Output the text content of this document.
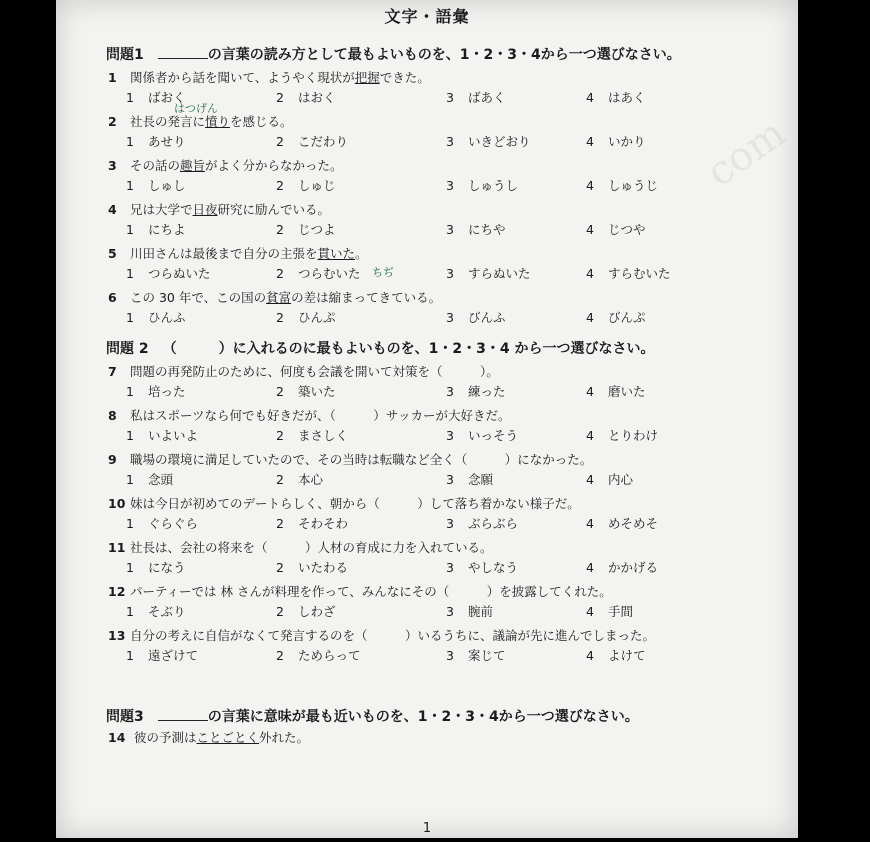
文字・語彙
com
問題1	の言葉の読み方として最もよいものを、1・2・3・4から一つ選びなさい。
1 関係者から話を聞いて、ようやく現状が把握できた。
1 ばおく	2 はおく	3 ばあく	4 はあく
2 社長の発言に憤りを感じる。
1 あせり	2 こだわり	3 いきどおり	4 いかり
3 その話の趣旨がよく分からなかった。
1 しゅし	2 しゅじ	3 しゅうし	4 しゅうじ
4 兄は大学で日夜研究に励んでいる。
1 にちよ	2 じつよ	3 にちや	4 じつや
5 川田さんは最後まで自分の主張を貫いた。
1 つらぬいた	2 つらむいた	3 すらぬいた	4 すらむいた
6 この 30 年で、この国の貧富の差は縮まってきている。
1 ひんふ	2 ひんぷ	3 びんふ	4 びんぷ
はつげん
ちぢ
問題 2 （　　　）に入れるのに最もよいものを、1・2・3・4 から一つ選びなさい。
7 問題の再発防止のために、何度も会議を開いて対策を（　　　）。
1 培った	2 築いた	3 練った	4 磨いた
8 私はスポーツなら何でも好きだが、（　　　）サッカーが大好きだ。
1 いよいよ	2 まさしく	3 いっそう	4 とりわけ
9 職場の環境に満足していたので、その当時は転職など全く（　　　）になかった。
1 念頭	2 本心	3 念願	4 内心
10 妹は今日が初めてのデートらしく、朝から（　　　）して落ち着かない様子だ。
1 ぐらぐら	2 そわそわ	3 ぶらぶら	4 めそめそ
11 社長は、会社の将来を（　　　）人材の育成に力を入れている。
1 になう	2 いたわる	3 やしなう	4 かかげる
12 パーティーでは 林 さんが料理を作って、みんなにその（　　　）を披露してくれた。
1 そぶり	2 しわざ	3 腕前	4 手間
13 自分の考えに自信がなくて発言するのを（　　　）いるうちに、議論が先に進んでしまった。
1 遠ざけて	2 ためらって	3 案じて	4 よけて
問題3	の言葉に意味が最も近いものを、1・2・3・4から一つ選びなさい。
14 彼の予測はことごとく外れた。
1
